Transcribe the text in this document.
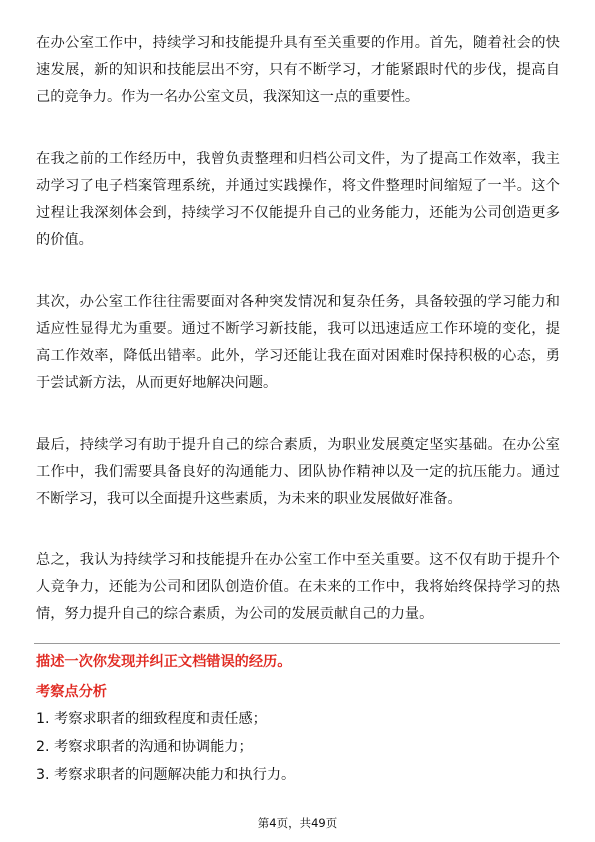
在办公室工作中，持续学习和技能提升具有至关重要的作用。首先，随着社会的快速发展，新的知识和技能层出不穷，只有不断学习，才能紧跟时代的步伐，提高自己的竞争力。作为一名办公室文员，我深知这一点的重要性。

在我之前的工作经历中，我曾负责整理和归档公司文件，为了提高工作效率，我主动学习了电子档案管理系统，并通过实践操作，将文件整理时间缩短了一半。这个过程让我深刻体会到，持续学习不仅能提升自己的业务能力，还能为公司创造更多的价值。

其次，办公室工作往往需要面对各种突发情况和复杂任务，具备较强的学习能力和适应性显得尤为重要。通过不断学习新技能，我可以迅速适应工作环境的变化，提高工作效率，降低出错率。此外，学习还能让我在面对困难时保持积极的心态，勇于尝试新方法，从而更好地解决问题。

最后，持续学习有助于提升自己的综合素质，为职业发展奠定坚实基础。在办公室工作中，我们需要具备良好的沟通能力、团队协作精神以及一定的抗压能力。通过不断学习，我可以全面提升这些素质，为未来的职业发展做好准备。

总之，我认为持续学习和技能提升在办公室工作中至关重要。这不仅有助于提升个人竞争力，还能为公司和团队创造价值。在未来的工作中，我将始终保持学习的热情，努力提升自己的综合素质，为公司的发展贡献自己的力量。

描述一次你发现并纠正文档错误的经历。

考察点分析

1. 考察求职者的细致程度和责任感；

2. 考察求职者的沟通和协调能力；

3. 考察求职者的问题解决能力和执行力。

第4页，共49页
